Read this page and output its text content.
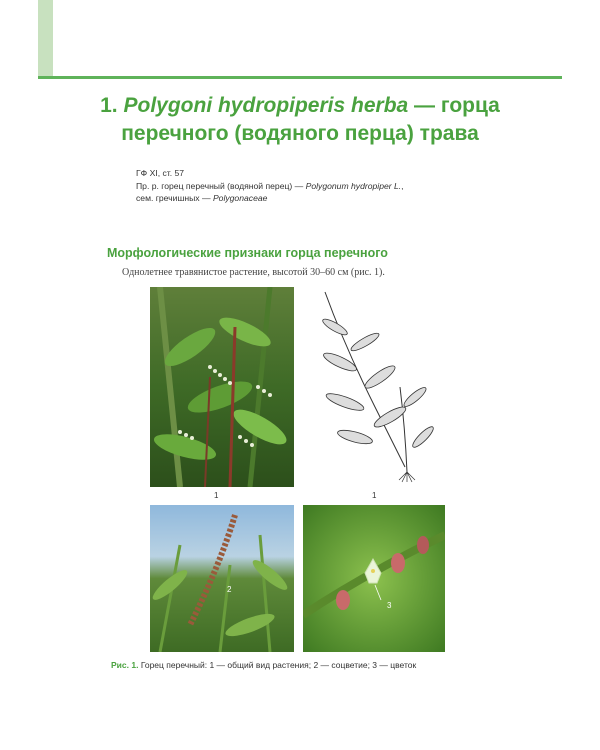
1. Polygoni hydropiperis herba — горца
перечного (водяного перца) трава
ГФ XI, ст. 57
Пр. р. горец перечный (водяной перец) — Polygonum hydropiper L.,
сем. гречишных — Polygonaceae
Морфологические признаки горца перечного
Однолетнее травянистое растение, высотой 30–60 см (рис. 1).
1	1
2
3
Рис. 1. Горец перечный: 1 — общий вид растения; 2 — соцветие; 3 — цветок
